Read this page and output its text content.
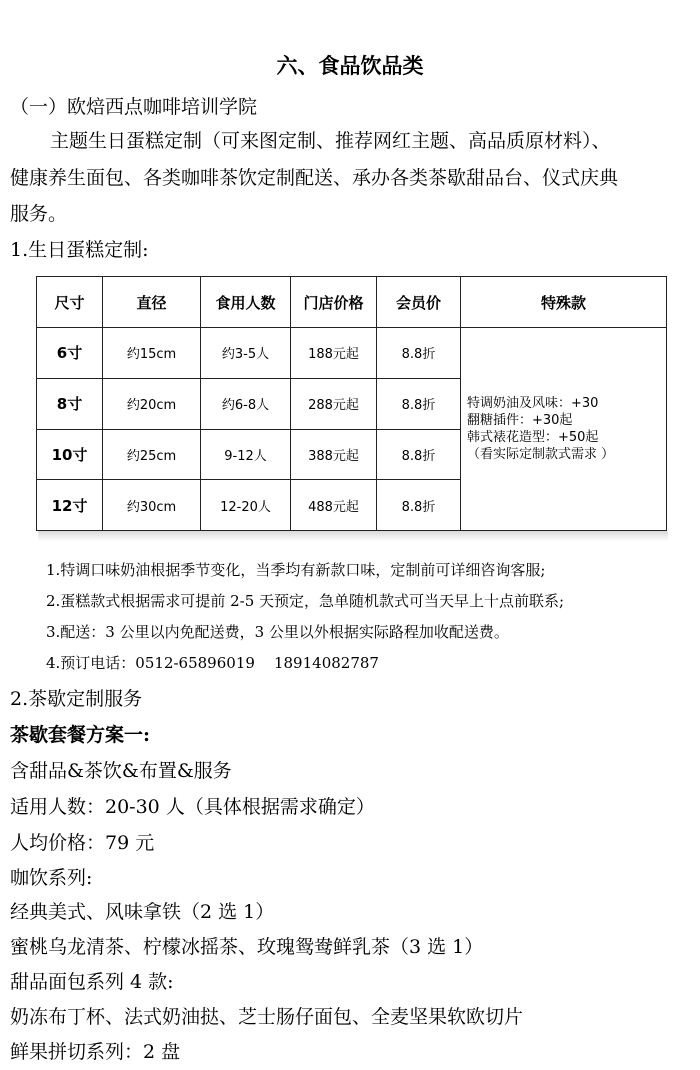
六、食品饮品类
（一）欧焙西点咖啡培训学院
主题生日蛋糕定制（可来图定制、推荐网红主题、高品质原材料）、
健康养生面包、各类咖啡茶饮定制配送、承办各类茶歇甜品台、仪式庆典
服务。
1.生日蛋糕定制:
尺寸	直径	食用人数	门店价格	会员价	特殊款
6寸	约15cm	约3-5人	188元起	8.8折	特调奶油及风味：+30
翻糖插件：+30起
韩式裱花造型：+50起
（看实际定制款式需求 ）

8寸	约20cm	约6-8人	288元起	8.8折	
10寸	约25cm	9-12人	388元起	8.8折	
12寸	约30cm	12-20人	488元起	8.8折	
1.特调口味奶油根据季节变化，当季均有新款口味，定制前可详细咨询客服;
2.蛋糕款式根据需求可提前 2-5 天预定，急单随机款式可当天早上十点前联系;
3.配送：3 公里以内免配送费，3 公里以外根据实际路程加收配送费。
4.预订电话：0512-65896019    18914082787
2.茶歇定制服务
茶歇套餐方案一:
含甜品&茶饮&布置&服务
适用人数：20-30 人（具体根据需求确定）
人均价格：79 元
咖饮系列:
经典美式、风味拿铁（2 选 1）
蜜桃乌龙清茶、柠檬冰摇茶、玫瑰鸳鸯鲜乳茶（3 选 1）
甜品面包系列 4 款:
奶冻布丁杯、法式奶油挞、芝士肠仔面包、全麦坚果软欧切片
鲜果拼切系列：2 盘
